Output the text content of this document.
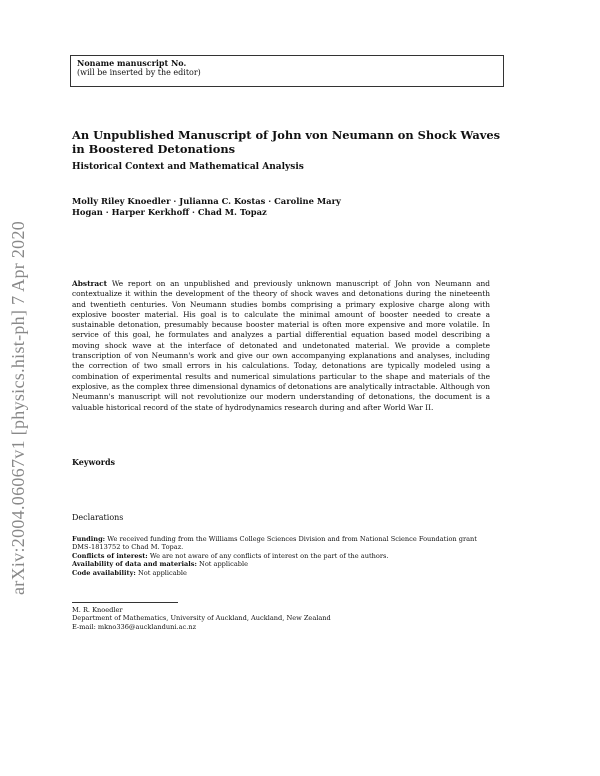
Noname manuscript No.
(will be inserted by the editor)
arXiv:2004.06067v1 [physics.hist-ph] 7 Apr 2020
An Unpublished Manuscript of John von Neumann on Shock Waves in Boostered Detonations
Historical Context and Mathematical Analysis
Molly Riley Knoedler · Julianna C. Kostas · Caroline Mary Hogan · Harper Kerkhoff · Chad M. Topaz
Abstract We report on an unpublished and previously unknown manuscript of John von Neumann and contextualize it within the development of the theory of shock waves and detonations during the nineteenth and twentieth centuries. Von Neumann studies bombs comprising a primary explosive charge along with explosive booster material. His goal is to calculate the minimal amount of booster needed to create a sustainable detonation, presumably because booster material is often more expensive and more volatile. In service of this goal, he formulates and analyzes a partial differential equation based model describing a moving shock wave at the interface of detonated and undetonated material. We provide a complete transcription of von Neumann's work and give our own accompanying explanations and analyses, including the correction of two small errors in his calculations. Today, detonations are typically modeled using a combination of experimental results and numerical simulations particular to the shape and materials of the explosive, as the complex three dimensional dynamics of detonations are analytically intractable. Although von Neumann's manuscript will not revolutionize our modern understanding of detonations, the document is a valuable historical record of the state of hydrodynamics research during and after World War II.
Keywords
Declarations
Funding: We received funding from the Williams College Sciences Division and from National Science Foundation grant DMS-1813752 to Chad M. Topaz.
Conflicts of interest: We are not aware of any conflicts of interest on the part of the authors.
Availability of data and materials: Not applicable
Code availability: Not applicable
M. R. Knoedler
Department of Mathematics, University of Auckland, Auckland, New Zealand
E-mail: mkno336@aucklanduni.ac.nz
